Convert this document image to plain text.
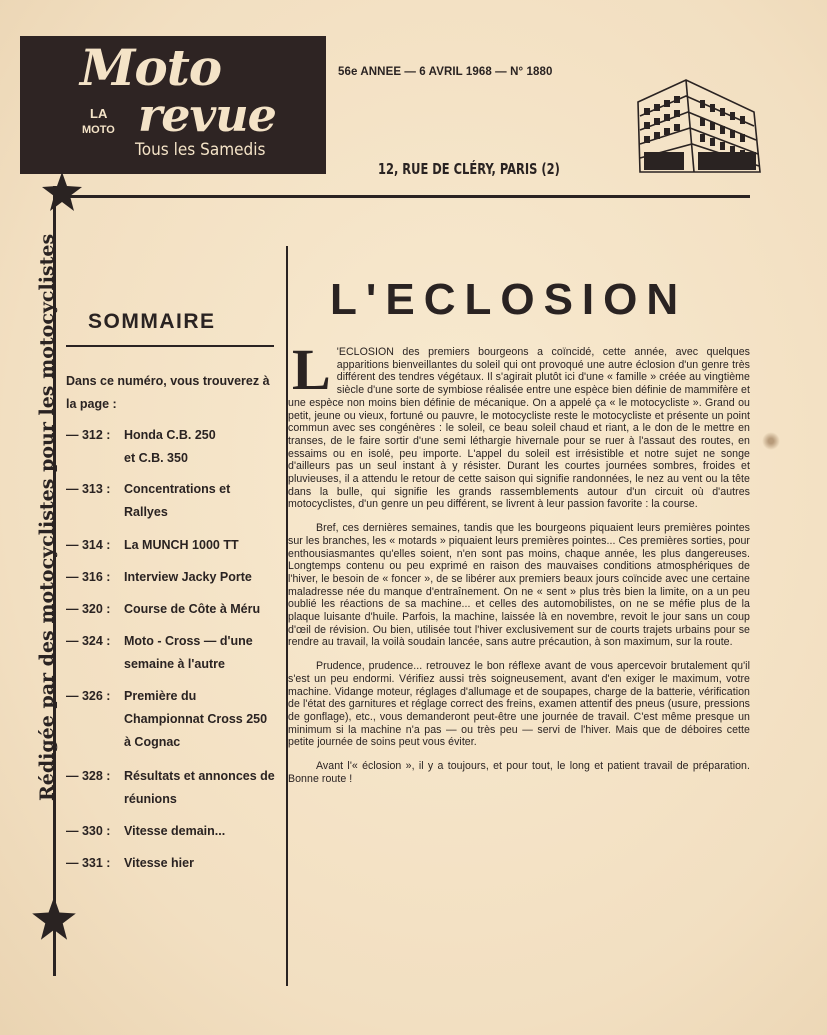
Moto
LA
MOTO revue
Tous les Samedis
56e ANNEE — 6 AVRIL 1968 — N° 1880
12, RUE DE CLÉRY, PARIS (2)
Rédigée par des motocyclistes pour les motocyclistes SOMMAIRE
Dans ce numéro, vous trouverez à la page :
— 312 :	Honda C.B. 250 et C.B. 350
— 313 :	Concentrations et Rallyes
— 314 :	La MUNCH 1000 TT
— 316 :	Interview Jacky Porte
— 320 :	Course de Côte à Méru
— 324 :	Moto - Cross — d'une semaine à l'autre
— 326 :	Première du Championnat Cross 250 à Cognac
— 328 :	Résultats et annonces de réunions
— 330 :	Vitesse demain...
— 331 :	Vitesse hier
L'ECLOSION

L 'ECLOSION des premiers bourgeons a coïncidé, cette année, avec quelques apparitions bienveillantes du soleil qui ont provoqué une autre éclosion d'un genre très différent des tendres végétaux. Il s'agirait plutôt ici d'une « famille » créée au vingtième siècle d'une sorte de symbiose réalisée entre une espèce bien définie de mammifère et une espèce non moins bien définie de mécanique. On a appelé ça « le motocycliste ». Grand ou petit, jeune ou vieux, fortuné ou pauvre, le motocycliste reste le motocycliste et présente un point commun avec ses congénères : le soleil, ce beau soleil chaud et riant, a le don de le mettre en transes, de le faire sortir d'une semi léthargie hivernale pour se ruer à l'assaut des routes, en essaims ou en isolé, peu importe. L'appel du soleil est irrésistible et notre sujet ne songe d'ailleurs pas un seul instant à y résister. Durant les courtes journées sombres, froides et pluvieuses, il a attendu le retour de cette saison qui signifie randonnées, le nez au vent ou la tête dans la bulle, qui signifie les grands rassemblements autour d'un circuit où d'autres motocyclistes, d'un genre un peu différent, se livrent à leur passion favorite : la course.

Bref, ces dernières semaines, tandis que les bourgeons piquaient leurs premières pointes sur les branches, les « motards » piquaient leurs premières pointes... Ces premières sorties, pour enthousiasmantes qu'elles soient, n'en sont pas moins, chaque année, les plus dangereuses. Longtemps contenu ou peu exprimé en raison des mauvaises conditions atmosphériques de l'hiver, le besoin de « foncer », de se libérer aux premiers beaux jours coïncide avec une certaine maladresse née du manque d'entraînement. On ne « sent » plus très bien la limite, on a un peu oublié les réactions de sa machine... et celles des automobilistes, on ne se méfie plus de la plaque luisante d'huile. Parfois, la machine, laissée là en novembre, revoit le jour sans un coup d'œil de révision. Ou bien, utilisée tout l'hiver exclusivement sur de courts trajets urbains pour se rendre au travail, la voilà soudain lancée, sans autre précaution, à son maximum, sur la route.

Prudence, prudence... retrouvez le bon réflexe avant de vous apercevoir brutalement qu'il s'est un peu endormi. Vérifiez aussi très soigneusement, avant d'en exiger le maximum, votre machine. Vidange moteur, réglages d'allumage et de soupapes, charge de la batterie, vérification de l'état des garnitures et réglage correct des freins, examen attentif des pneus (usure, pressions de gonflage), etc., vous demanderont peut-être une journée de travail. C'est même presque un minimum si la machine n'a pas — ou très peu — servi de l'hiver. Mais que de déboires cette petite journée de soins peut vous éviter.

Avant l'« éclosion », il y a toujours, et pour tout, le long et patient travail de préparation. Bonne route !
